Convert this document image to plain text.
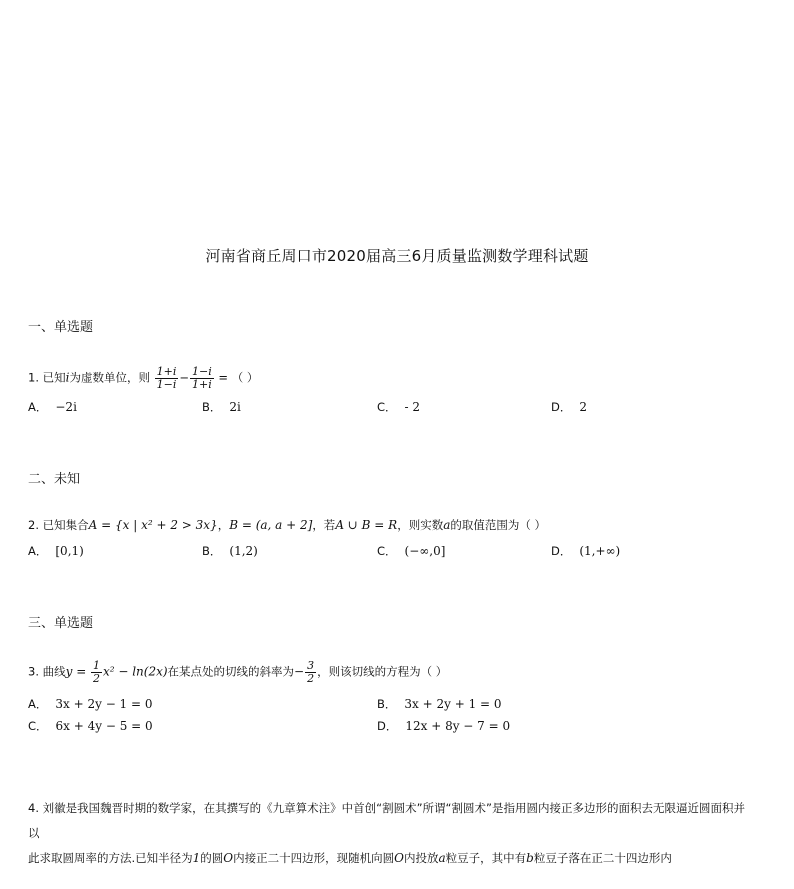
河南省商丘周口市2020届高三6月质量监测数学理科试题
一、单选题
1. 已知i为虚数单位，则 $\frac{1+i}{1-i} - \frac{1-i}{1+i}$ = （ ）
A． −2i	B． 2i	C． - 2	D． 2
二、未知
2. 已知集合A = {x | x² + 2 > 3x}，B = (a, a + 2]，若A ∪ B = R，则实数a的取值范围为（ ）
A． [0,1)	B． (1,2)	C． (−∞,0]	D． (1,+∞)
三、单选题
3. 曲线$y = \frac{1}{2} x^2 - \ln(2x)$在某点处的切线的斜率为− $\frac{3}{2}$ ，则该切线的方程为（ ）
A． 3x + 2y − 1 = 0	B． 3x + 2y + 1 = 0
C． 6x + 4y − 5 = 0	D． 12x + 8y − 7 = 0
4. 刘徽是我国魏晋时期的数学家，在其撰写的《九章算术注》中首创“割圆术”所谓“割圆术”是指用圆内接正多边形的面积去无限逼近圆面积并以
此求取圆周率的方法.已知半径为1的圆O内接正二十四边形，现随机向圆O内投放a粒豆子，其中有b粒豆子落在正二十四边形内
